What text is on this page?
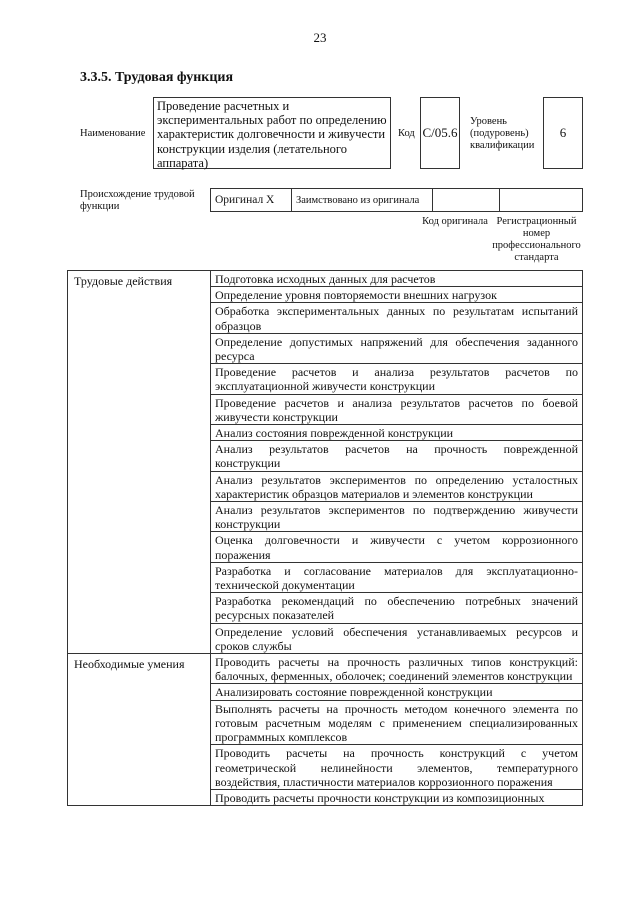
23
3.3.5. Трудовая функция
Наименование
Проведение расчетных и экспериментальных работ по определению характеристик долговечности и живучести конструкции изделия (летательного аппарата)
Код C/05.6
Уровень (подуровень) квалификации
6
Происхождение трудовой функции
Оригинал X	Заимствовано из оригинала
Код оригинала Регистрационный номер профессионального стандарта
Трудовые действия	Подготовка исходных данных для расчетов
	Определение уровня повторяемости внешних нагрузок
	Обработка экспериментальных данных по результатам испытаний образцов
	Определение допустимых напряжений для обеспечения заданного ресурса
	Проведение расчетов и анализа результатов расчетов по эксплуатационной живучести конструкции
	Проведение расчетов и анализа результатов расчетов по боевой живучести конструкции
	Анализ состояния поврежденной конструкции
	Анализ результатов расчетов на прочность поврежденной конструкции
	Анализ результатов экспериментов по определению усталостных характеристик образцов материалов и элементов конструкции
	Анализ результатов экспериментов по подтверждению живучести конструкции
	Оценка долговечности и живучести с учетом коррозионного поражения
	Разработка и согласование материалов для эксплуатационно-технической документации
	Разработка рекомендаций по обеспечению потребных значений ресурсных показателей
	Определение условий обеспечения устанавливаемых ресурсов и сроков службы
Необходимые умения	Проводить расчеты на прочность различных типов конструкций: балочных, ферменных, оболочек; соединений элементов конструкции
	Анализировать состояние поврежденной конструкции
	Выполнять расчеты на прочность методом конечного элемента по готовым расчетным моделям с применением специализированных программных комплексов
	Проводить расчеты на прочность конструкций с учетом геометрической нелинейности элементов, температурного воздействия, пластичности материалов коррозионного поражения
	Проводить расчеты прочности конструкции из композиционных
